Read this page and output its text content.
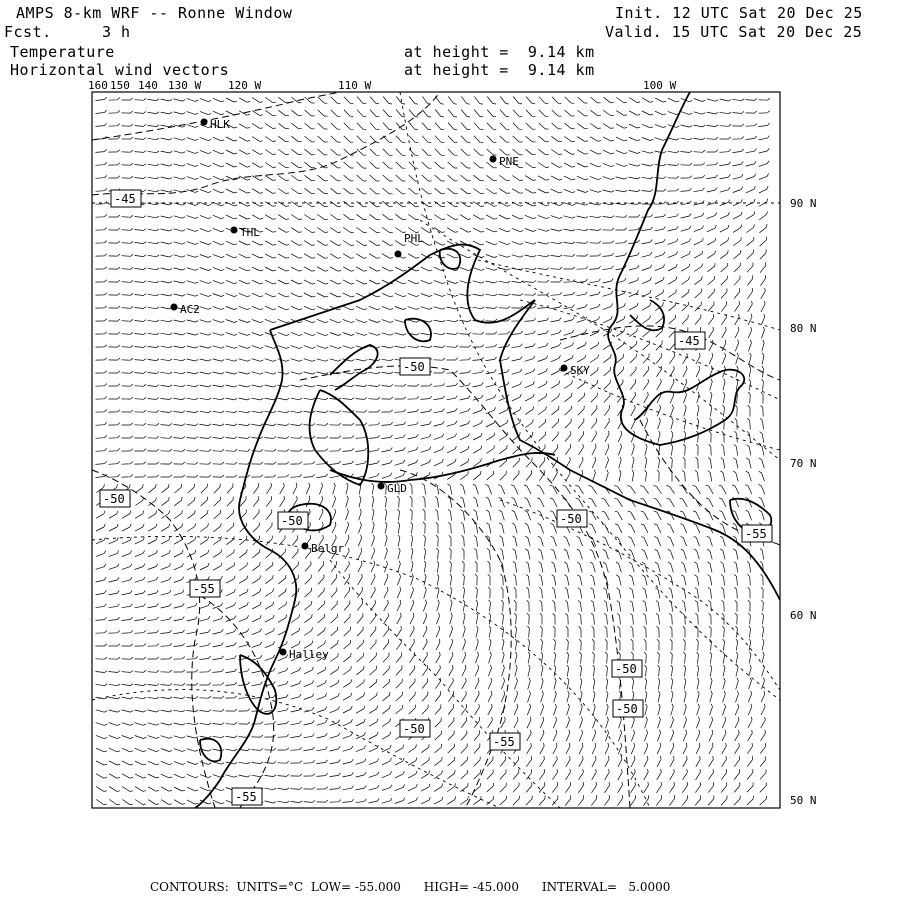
AMPS 8-km WRF -- Ronne Window
Fcst.	3 h
Init. 12 UTC Sat 20 Dec 25
Valid. 15 UTC Sat 20 Dec 25
Temperature	at height =  9.14 km
Horizontal wind vectors	at height =  9.14 km
160 150 140 130 W 120 W	110 W	100 W
90 N
80 N
70 N
60 N
50 N
HLK
PNE
THL	PHL
AC2
SKY
GLD
Belgr
Halley
-45
-45
-50
-50
-50
-50
-55
-55
-50
-50
-55
-55
-50
CONTOURS:  UNITS=°C  LOW= -55.000      HIGH= -45.000      INTERVAL=   5.0000
